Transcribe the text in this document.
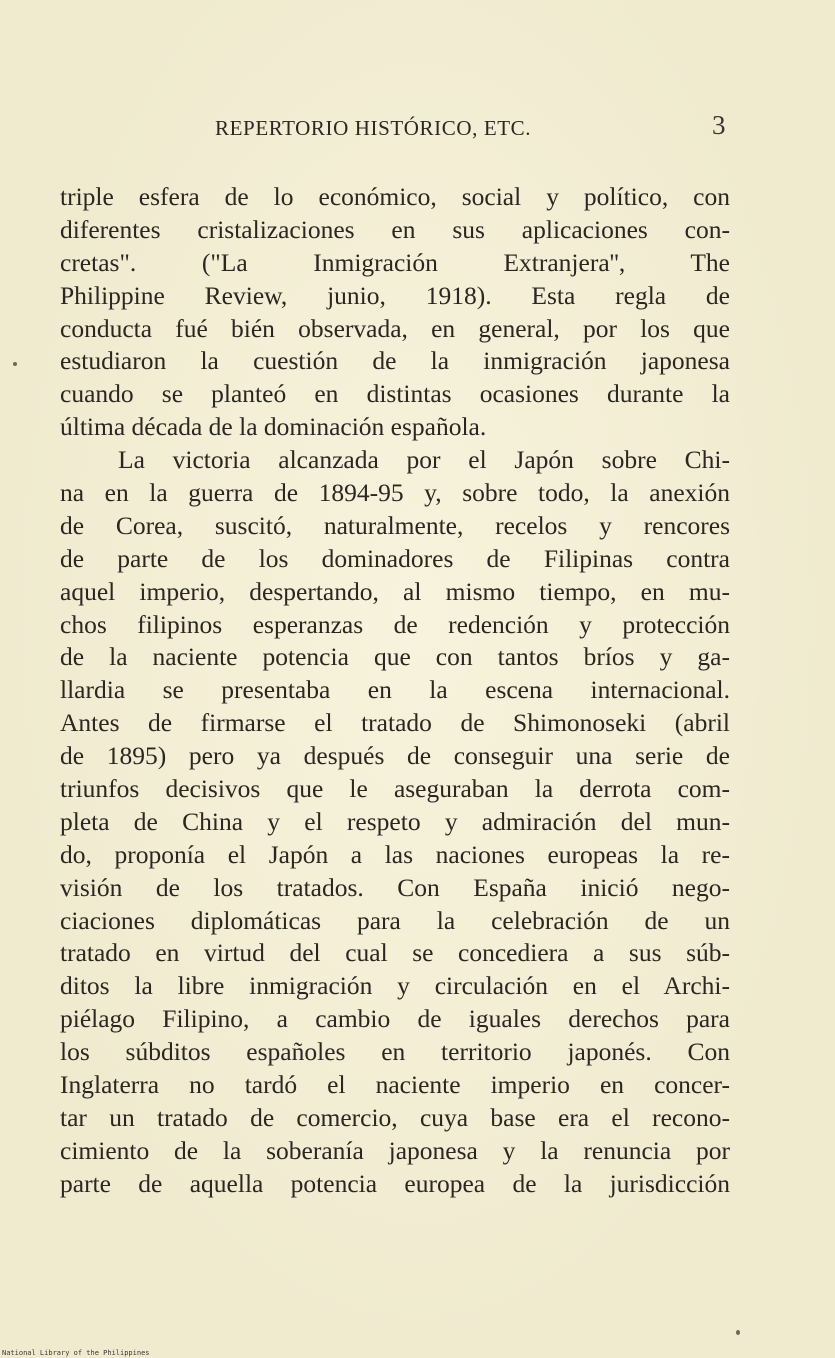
REPERTORIO HISTÓRICO, ETC.	3
triple esfera de lo económico, social y político, con
diferentes cristalizaciones en sus aplicaciones con-
cretas". ("La Inmigración Extranjera'', The
Philippine Review, junio, 1918). Esta regla de
conducta fué bién observada, en general, por los que
estudiaron la cuestión de la inmigración japonesa
cuando se planteó en distintas ocasiones durante la
última década de la dominación española.
La victoria alcanzada por el Japón sobre Chi-
na en la guerra de 1894-95 y, sobre todo, la anexión
de Corea, suscitó, naturalmente, recelos y rencores
de parte de los dominadores de Filipinas contra
aquel imperio, despertando, al mismo tiempo, en mu-
chos filipinos esperanzas de redención y protección
de la naciente potencia que con tantos bríos y ga-
llardia se presentaba en la escena internacional.
Antes de firmarse el tratado de Shimonoseki (abril
de 1895) pero ya después de conseguir una serie de
triunfos decisivos que le aseguraban la derrota com-
pleta de China y el respeto y admiración del mun-
do, proponía el Japón a las naciones europeas la re-
visión de los tratados. Con España inició nego-
ciaciones diplomáticas para la celebración de un
tratado en virtud del cual se concediera a sus súb-
ditos la libre inmigración y circulación en el Archi-
piélago Filipino, a cambio de iguales derechos para
los súbditos españoles en territorio japonés. Con
Inglaterra no tardó el naciente imperio en concer-
tar un tratado de comercio, cuya base era el recono-
cimiento de la soberanía japonesa y la renuncia por
parte de aquella potencia europea de la jurisdicción
National Library of the Philippines
